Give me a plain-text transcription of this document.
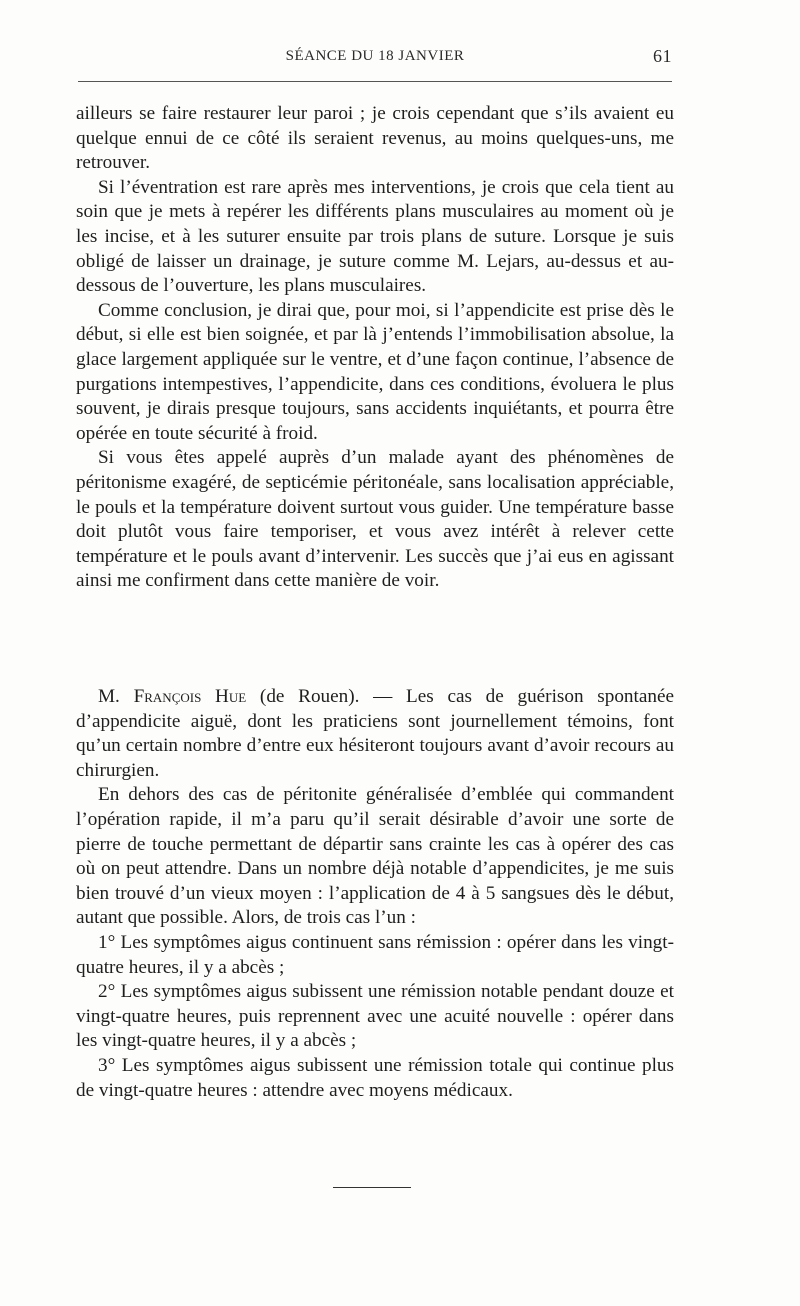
SÉANCE DU 18 JANVIER	61

ailleurs se faire restaurer leur paroi ; je crois cependant que s’ils avaient eu quelque ennui de ce côté ils seraient revenus, au moins quelques-uns, me retrouver.

Si l’éventration est rare après mes interventions, je crois que cela tient au soin que je mets à repérer les différents plans musculaires au moment où je les incise, et à les suturer ensuite par trois plans de suture. Lorsque je suis obligé de laisser un drainage, je suture comme M. Lejars, au-dessus et au-dessous de l’ouverture, les plans musculaires.

Comme conclusion, je dirai que, pour moi, si l’appendicite est prise dès le début, si elle est bien soignée, et par là j’entends l’immobilisation absolue, la glace largement appliquée sur le ventre, et d’une façon continue, l’absence de purgations intempestives, l’appendicite, dans ces conditions, évoluera le plus souvent, je dirais presque toujours, sans accidents inquiétants, et pourra être opérée en toute sécurité à froid.

Si vous êtes appelé auprès d’un malade ayant des phénomènes de péritonisme exagéré, de septicémie péritonéale, sans localisation appréciable, le pouls et la température doivent surtout vous guider. Une température basse doit plutôt vous faire temporiser, et vous avez intérêt à relever cette température et le pouls avant d’intervenir. Les succès que j’ai eus en agissant ainsi me confirment dans cette manière de voir.

M. François Hue (de Rouen). — Les cas de guérison spontanée d’appendicite aiguë, dont les praticiens sont journellement témoins, font qu’un certain nombre d’entre eux hésiteront toujours avant d’avoir recours au chirurgien.

En dehors des cas de péritonite généralisée d’emblée qui commandent l’opération rapide, il m’a paru qu’il serait désirable d’avoir une sorte de pierre de touche permettant de départir sans crainte les cas à opérer des cas où on peut attendre. Dans un nombre déjà notable d’appendicites, je me suis bien trouvé d’un vieux moyen : l’application de 4 à 5 sangsues dès le début, autant que possible. Alors, de trois cas l’un :

1° Les symptômes aigus continuent sans rémission : opérer dans les vingt-quatre heures, il y a abcès ;

2° Les symptômes aigus subissent une rémission notable pendant douze et vingt-quatre heures, puis reprennent avec une acuité nouvelle : opérer dans les vingt-quatre heures, il y a abcès ;

3° Les symptômes aigus subissent une rémission totale qui continue plus de vingt-quatre heures : attendre avec moyens médicaux.
